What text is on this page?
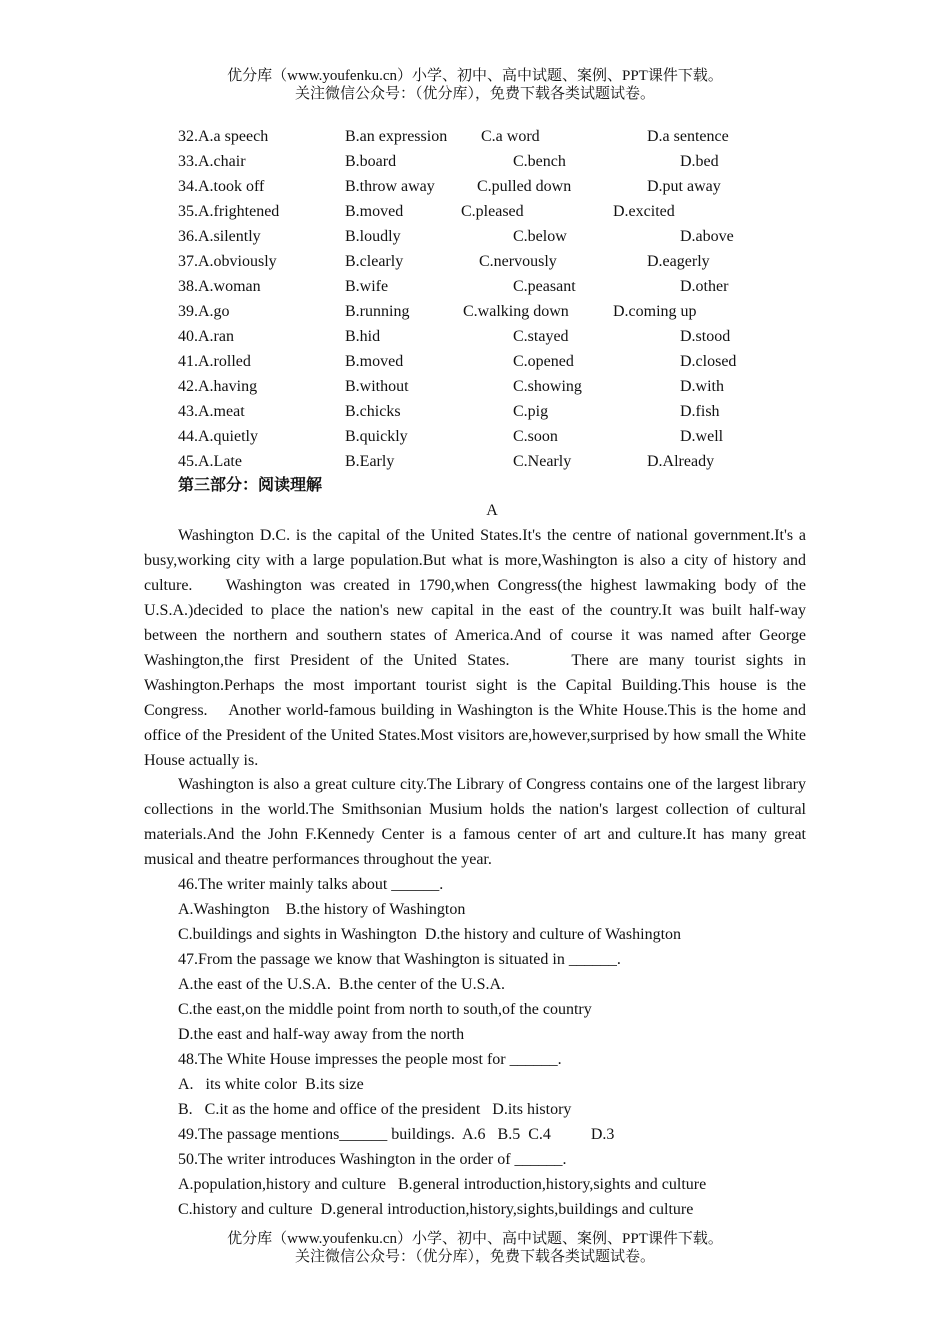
优分库（www.youfenku.cn）小学、初中、高中试题、案例、PPT课件下载。
关注微信公众号：（优分库），免费下载各类试题试卷。
32.A.a speech	B.an expression C.a word	D.a sentence
33.A.chair	B.board	C.bench	D.bed
34.A.took off	B.throw away	C.pulled down	D.put away
35.A.frightened	B.moved	C.pleased	D.excited
36.A.silently	B.loudly	C.below	D.above
37.A.obviously	B.clearly	C.nervously	D.eagerly
38.A.woman	B.wife	C.peasant	D.other
39.A.go	B.running	C.walking down	D.coming up
40.A.ran	B.hid	C.stayed	D.stood
41.A.rolled	B.moved	C.opened	D.closed
42.A.having	B.without	C.showing	D.with
43.A.meat	B.chicks	C.pig	D.fish
44.A.quietly	B.quickly	C.soon	D.well
45.A.Late	B.Early	C.Nearly	D.Already
第三部分：阅读理解
A

Washington D.C. is the capital of the United States.It's the centre of national government.It's a busy,working city with a large population.But what is more,Washington is also a city of history and culture.    Washington was created in 1790,when Congress(the highest lawmaking body of the U.S.A.)decided to place the nation's new capital in the east of the country.It was built half-way between the northern and southern states of America.And of course it was named after George Washington,the first President of the United States.      There are many tourist sights in Washington.Perhaps the most important tourist sight is the Capital Building.This house is the Congress.    Another world-famous building in Washington is the White House.This is the home and office of the President of the United States.Most visitors are,however,surprised by how small the White House actually is.

Washington is also a great culture city.The Library of Congress contains one of the largest library collections in the world.The Smithsonian Musium holds the nation's largest collection of cultural materials.And the John F.Kennedy Center is a famous center of art and culture.It has many great musical and theatre performances throughout the year.

46.The writer mainly talks about ______.
A.Washington    B.the history of Washington
C.buildings and sights in Washington  D.the history and culture of Washington
47.From the passage we know that Washington is situated in ______.
A.the east of the U.S.A.  B.the center of the U.S.A.
C.the east,on the middle point from north to south,of the country
D.the east and half-way away from the north
48.The White House impresses the people most for ______.
A.   its white color  B.its size
B.   C.it as the home and office of the president   D.its history
49.The passage mentions______ buildings.  A.6   B.5  C.4          D.3
50.The writer introduces Washington in the order of ______.
A.population,history and culture   B.general introduction,history,sights and culture
C.history and culture  D.general introduction,history,sights,buildings and culture
优分库（www.youfenku.cn）小学、初中、高中试题、案例、PPT课件下载。
关注微信公众号：（优分库），免费下载各类试题试卷。
